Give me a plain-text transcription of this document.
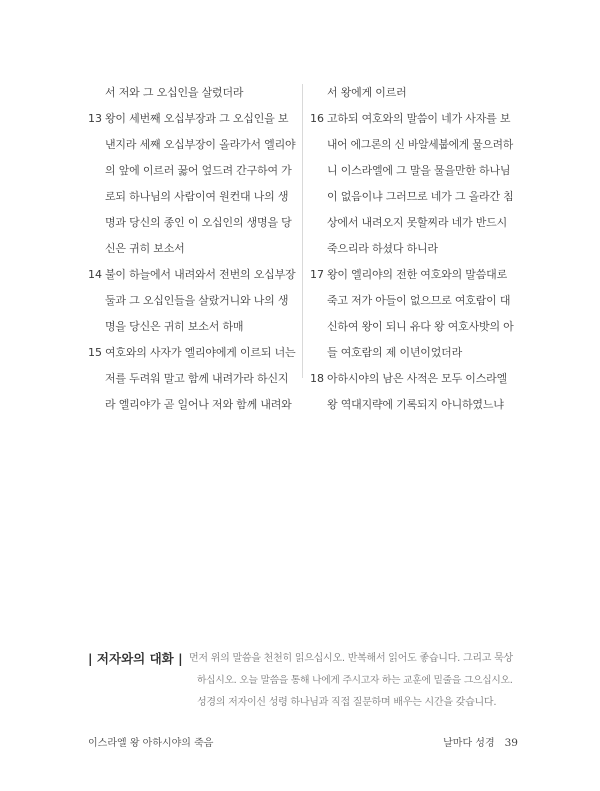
서 저와 그 오십인을 살렸더라
13 왕이 세번째 오십부장과 그 오십인을 보
낸지라 세째 오십부장이 올라가서 엘리야
의 앞에 이르러 꿇어 엎드려 간구하여 가
로되 하나님의 사람이여 원컨대 나의 생
명과 당신의 종인 이 오십인의 생명을 당
신은 귀히 보소서
14 불이 하늘에서 내려와서 전번의 오십부장
둘과 그 오십인들을 살랐거니와 나의 생
명을 당신은 귀히 보소서 하매
15 여호와의 사자가 엘리야에게 이르되 너는
저를 두려워 말고 함께 내려가라 하신지
라 엘리야가 곧 일어나 저와 함께 내려와
서 왕에게 이르러
16 고하되 여호와의 말씀이 네가 사자를 보
내어 에그론의 신 바알세붑에게 물으려하
니 이스라엘에 그 말을 물을만한 하나님
이 없음이냐 그러므로 네가 그 올라간 침
상에서 내려오지 못할찌라 네가 반드시
죽으리라 하셨다 하니라
17 왕이 엘리야의 전한 여호와의 말씀대로
죽고 저가 아들이 없으므로 여호람이 대
신하여 왕이 되니 유다 왕 여호사밧의 아
들 여호람의 제 이년이었더라
18 아하시야의 남은 사적은 모두 이스라엘
왕 역대지략에 기록되지 아니하였느냐
| 저자와의 대화 | 먼저 위의 말씀을 천천히 읽으십시오. 반복해서 읽어도 좋습니다. 그리고 묵상
하십시오. 오늘 말씀을 통해 나에게 주시고자 하는 교훈에 밑줄을 그으십시오.
성경의 저자이신 성령 하나님과 직접 질문하며 배우는 시간을 갖습니다.
이스라엘 왕 아하시야의 죽음	날마다 성경 39
